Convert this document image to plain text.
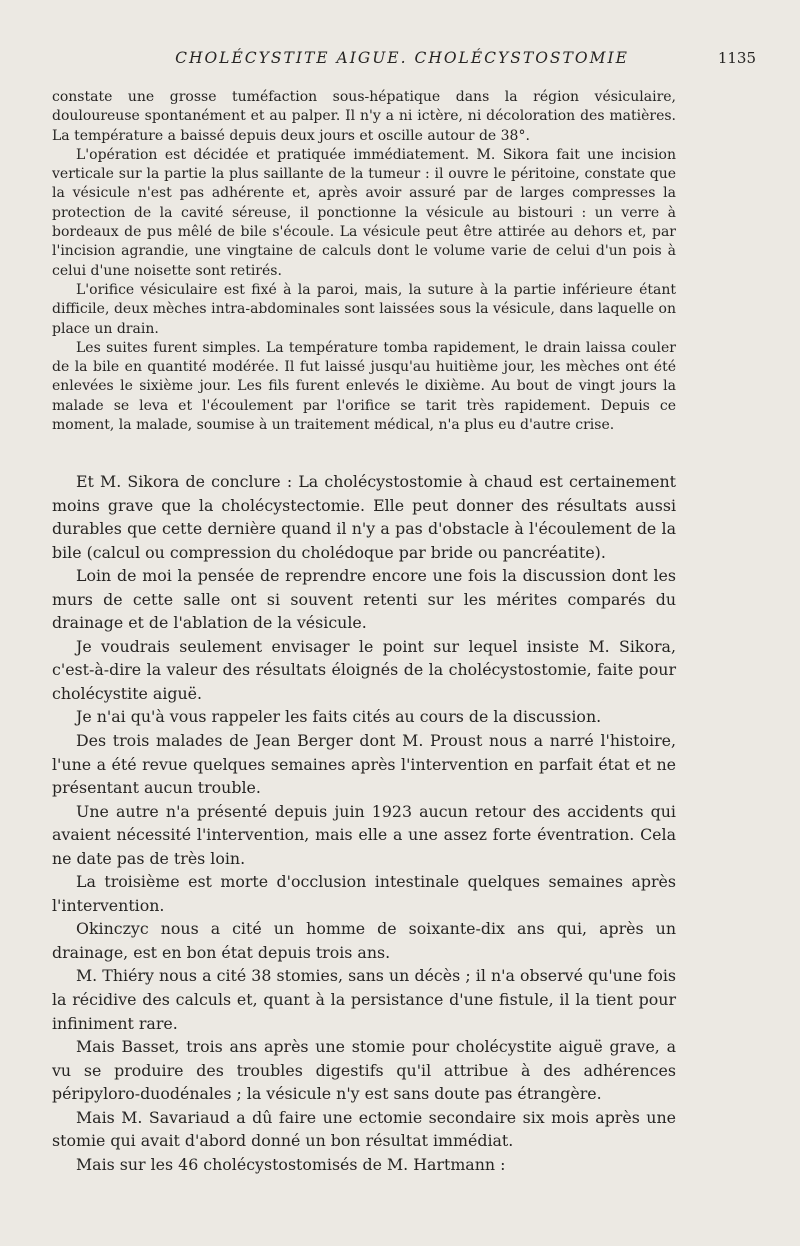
CHOLÉCYSTITE AIGUE. CHOLÉCYSTOSTOMIE	1135

constate une grosse tuméfaction sous-hépatique dans la région vésiculaire, douloureuse spontanément et au palper. Il n'y a ni ictère, ni décoloration des matières. La température a baissé depuis deux jours et oscille autour de 38°.

L'opération est décidée et pratiquée immédiatement. M. Sikora fait une incision verticale sur la partie la plus saillante de la tumeur : il ouvre le péritoine, constate que la vésicule n'est pas adhérente et, après avoir assuré par de larges compresses la protection de la cavité séreuse, il ponctionne la vésicule au bistouri : un verre à bordeaux de pus mêlé de bile s'écoule. La vésicule peut être attirée au dehors et, par l'incision agrandie, une vingtaine de calculs dont le volume varie de celui d'un pois à celui d'une noisette sont retirés.

L'orifice vésiculaire est fixé à la paroi, mais, la suture à la partie inférieure étant difficile, deux mèches intra-abdominales sont laissées sous la vésicule, dans laquelle on place un drain.

Les suites furent simples. La température tomba rapidement, le drain laissa couler de la bile en quantité modérée. Il fut laissé jusqu'au huitième jour, les mèches ont été enlevées le sixième jour. Les fils furent enlevés le dixième. Au bout de vingt jours la malade se leva et l'écoulement par l'orifice se tarit très rapidement. Depuis ce moment, la malade, soumise à un traitement médical, n'a plus eu d'autre crise.

Et M. Sikora de conclure : La cholécystostomie à chaud est certainement moins grave que la cholécystectomie. Elle peut donner des résultats aussi durables que cette dernière quand il n'y a pas d'obstacle à l'écoulement de la bile (calcul ou compression du cholédoque par bride ou pancréatite).

Loin de moi la pensée de reprendre encore une fois la discussion dont les murs de cette salle ont si souvent retenti sur les mérites comparés du drainage et de l'ablation de la vésicule.

Je voudrais seulement envisager le point sur lequel insiste M. Sikora, c'est-à-dire la valeur des résultats éloignés de la cholécystostomie, faite pour cholécystite aiguë.

Je n'ai qu'à vous rappeler les faits cités au cours de la discussion.

Des trois malades de Jean Berger dont M. Proust nous a narré l'histoire, l'une a été revue quelques semaines après l'intervention en parfait état et ne présentant aucun trouble.

Une autre n'a présenté depuis juin 1923 aucun retour des accidents qui avaient nécessité l'intervention, mais elle a une assez forte éventration. Cela ne date pas de très loin.

La troisième est morte d'occlusion intestinale quelques semaines après l'intervention.

Okinczyc nous a cité un homme de soixante-dix ans qui, après un drainage, est en bon état depuis trois ans.

M. Thiéry nous a cité 38 stomies, sans un décès ; il n'a observé qu'une fois la récidive des calculs et, quant à la persistance d'une fistule, il la tient pour infiniment rare.

Mais Basset, trois ans après une stomie pour cholécystite aiguë grave, a vu se produire des troubles digestifs qu'il attribue à des adhérences péripyloro-duodénales ; la vésicule n'y est sans doute pas étrangère.

Mais M. Savariaud a dû faire une ectomie secondaire six mois après une stomie qui avait d'abord donné un bon résultat immédiat.

Mais sur les 46 cholécystostomisés de M. Hartmann :
